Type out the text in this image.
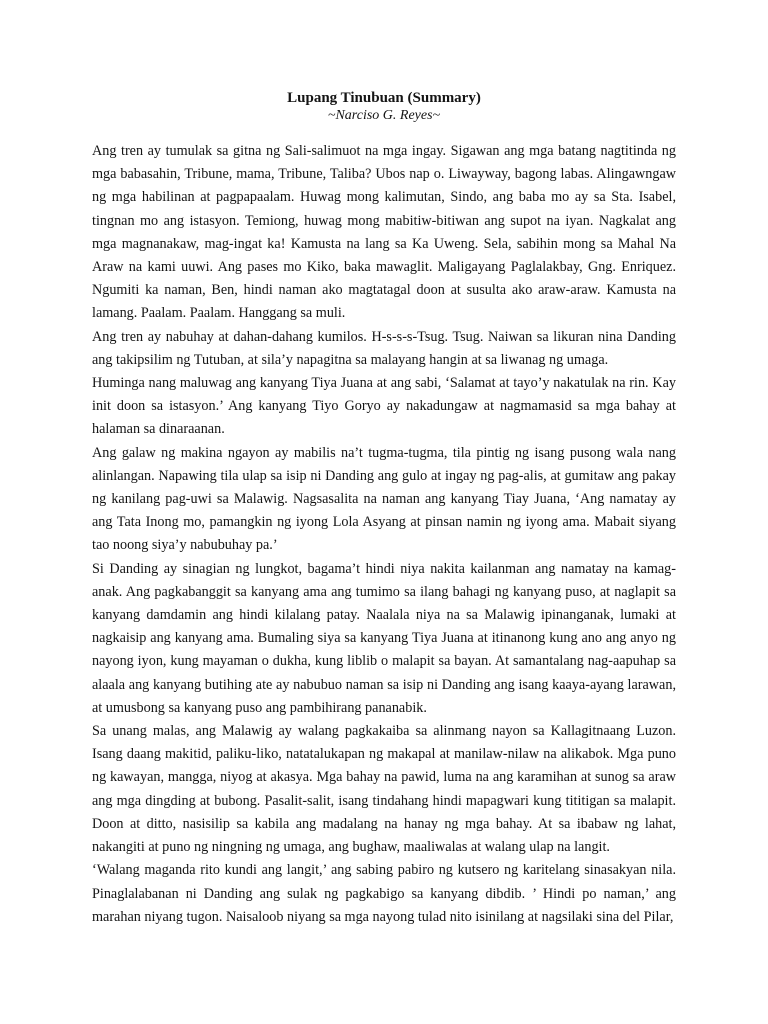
Lupang Tinubuan (Summary)

~Narciso G. Reyes~

Ang tren ay tumulak sa gitna ng Sali-salimuot na mga ingay. Sigawan ang mga batang nagtitinda ng mga babasahin, Tribune, mama, Tribune, Taliba? Ubos nap o. Liwayway, bagong labas. Alingawngaw ng mga habilinan at pagpapaalam. Huwag mong kalimutan, Sindo, ang baba mo ay sa Sta. Isabel, tingnan mo ang istasyon. Temiong, huwag mong mabitiw-bitiwan ang supot na iyan. Nagkalat ang mga magnanakaw, mag-ingat ka! Kamusta na lang sa Ka Uweng. Sela, sabihin mong sa Mahal Na Araw na kami uuwi. Ang pases mo Kiko, baka mawaglit. Maligayang Paglalakbay, Gng. Enriquez. Ngumiti ka naman, Ben, hindi naman ako magtatagal doon at susulta ako araw-araw. Kamusta na lamang. Paalam. Paalam. Hanggang sa muli.

Ang tren ay nabuhay at dahan-dahang kumilos. H-s-s-s-Tsug. Tsug. Naiwan sa likuran nina Danding ang takipsilim ng Tutuban, at sila’y napagitna sa malayang hangin at sa liwanag ng umaga.

Huminga nang maluwag ang kanyang Tiya Juana at ang sabi, ‘Salamat at tayo’y nakatulak na rin. Kay init doon sa istasyon.’ Ang kanyang Tiyo Goryo ay nakadungaw at nagmamasid sa mga bahay at halaman sa dinaraanan.

Ang galaw ng makina ngayon ay mabilis na’t tugma-tugma, tila pintig ng isang pusong wala nang alinlangan. Napawing tila ulap sa isip ni Danding ang gulo at ingay ng pag-alis, at gumitaw ang pakay ng kanilang pag-uwi sa Malawig. Nagsasalita na naman ang kanyang Tiay Juana, ‘Ang namatay ay ang Tata Inong mo, pamangkin ng iyong Lola Asyang at pinsan namin ng iyong ama. Mabait siyang tao noong siya’y nabubuhay pa.’

Si Danding ay sinagian ng lungkot, bagama’t hindi niya nakita kailanman ang namatay na kamag-anak. Ang pagkabanggit sa kanyang ama ang tumimo sa ilang bahagi ng kanyang puso, at naglapit sa kanyang damdamin ang hindi kilalang patay. Naalala niya na sa Malawig ipinanganak, lumaki at nagkaisip ang kanyang ama. Bumaling siya sa kanyang Tiya Juana at itinanong kung ano ang anyo ng nayong iyon, kung mayaman o dukha, kung liblib o malapit sa bayan. At samantalang nag-aapuhap sa alaala ang kanyang butihing ate ay nabubuo naman sa isip ni Danding ang isang kaaya-ayang larawan, at umusbong sa kanyang puso ang pambihirang pananabik.

Sa unang malas, ang Malawig ay walang pagkakaiba sa alinmang nayon sa Kallagitnaang Luzon. Isang daang makitid, paliku-liko, natatalukapan ng makapal at manilaw-nilaw na alikabok. Mga puno ng kawayan, mangga, niyog at akasya. Mga bahay na pawid, luma na ang karamihan at sunog sa araw ang mga dingding at bubong. Pasalit-salit, isang tindahang hindi mapagwari kung tititigan sa malapit. Doon at ditto, nasisilip sa kabila ang madalang na hanay ng mga bahay. At sa ibabaw ng lahat, nakangiti at puno ng ningning ng umaga, ang bughaw, maaliwalas at walang ulap na langit.

‘Walang maganda rito kundi ang langit,’ ang sabing pabiro ng kutsero ng karitelang sinasakyan nila. Pinaglalabanan ni Danding ang sulak ng pagkabigo sa kanyang dibdib. ’ Hindi po naman,’ ang marahan niyang tugon. Naisaloob niyang sa mga nayong tulad nito isinilang at nagsilaki sina del Pilar,
